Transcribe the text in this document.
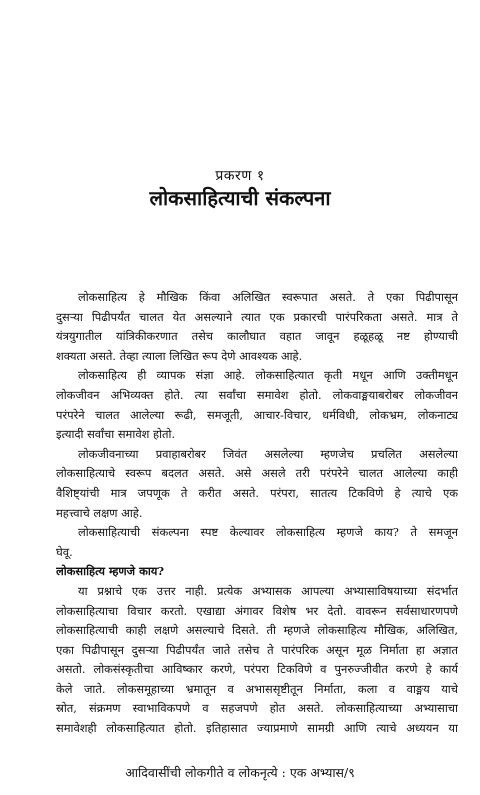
प्रकरण १
लोकसाहित्याची संकल्पना
लोकसाहित्य हे मौखिक किंवा अलिखित स्वरूपात असते. ते एका पिढीपासून
दुसऱ्या पिढीपर्यंत चालत येत असल्याने त्यात एक प्रकारची पारंपरिकता असते. मात्र ते
यंत्रयुगातील यांत्रिकीकरणात तसेच कालौघात वहात जावून हळूहळू नष्ट होण्याची
शक्यता असते. तेव्हा त्याला लिखित रूप देणे आवश्यक आहे.
लोकसाहित्य ही व्यापक संज्ञा आहे. लोकसाहित्यात कृती मधून आणि उक्तीमधून
लोकजीवन अभिव्यक्त होते. त्या सर्वांचा समावेश होतो. लोकवाङ्मयाबरोबर लोकजीवन
परंपरेने चालत आलेल्या रूढी, समजूती, आचार-विचार, धर्मविधी, लोकभ्रम, लोकनाट्य
इत्यादी सर्वांचा समावेश होतो.
लोकजीवनाच्या प्रवाहाबरोबर जिवंत असलेल्या म्हणजेच प्रचलित असलेल्या
लोकसाहित्याचे स्वरूप बदलत असते. असे असले तरी परंपरेने चालत आलेल्या काही
वैशिष्ट्यांची मात्र जपणूक ते करीत असते. परंपरा, सातत्य टिकविणे हे त्याचे एक
महत्त्वाचे लक्षण आहे.
लोकसाहित्याची संकल्पना स्पष्ट केल्यावर लोकसाहित्य म्हणजे काय? ते समजून
घेवू.
लोकसाहित्य म्हणजे काय?
या प्रश्नाचे एक उत्तर नाही. प्रत्येक अभ्यासक आपल्या अभ्यासाविषयाच्या संदर्भात
लोकसाहित्याचा विचार करतो. एखाद्या अंगावर विशेष भर देतो. वावरून सर्वसाधारणपणे
लोकसाहित्याची काही लक्षणे असल्याचे दिसते. ती म्हणजे लोकसाहित्य मौखिक, अलिखित,
एका पिढीपासून दुसऱ्या पिढीपर्यंत जाते तसेच ते पारंपरिक असून मूळ निर्माता हा अज्ञात
असतो. लोकसंस्कृतीचा आविष्कार करणे, परंपरा टिकविणे व पुनरुज्जीवीत करणे हे कार्य
केले जाते. लोकसमूहाच्या भ्रमातून व अभाससृष्टीतून निर्माता, कला व वाङ्मय याचे
स्रोत, संक्रमण स्वाभाविकपणे व सहजपणे होत असते. लोकसाहित्याच्या अभ्यासाचा
समावेशही लोकसाहित्यात होतो. इतिहासात ज्याप्रमाणे सामग्री आणि त्याचे अध्ययन या
आदिवासींची लोकगीते व लोकनृत्ये : एक अभ्यास/९
